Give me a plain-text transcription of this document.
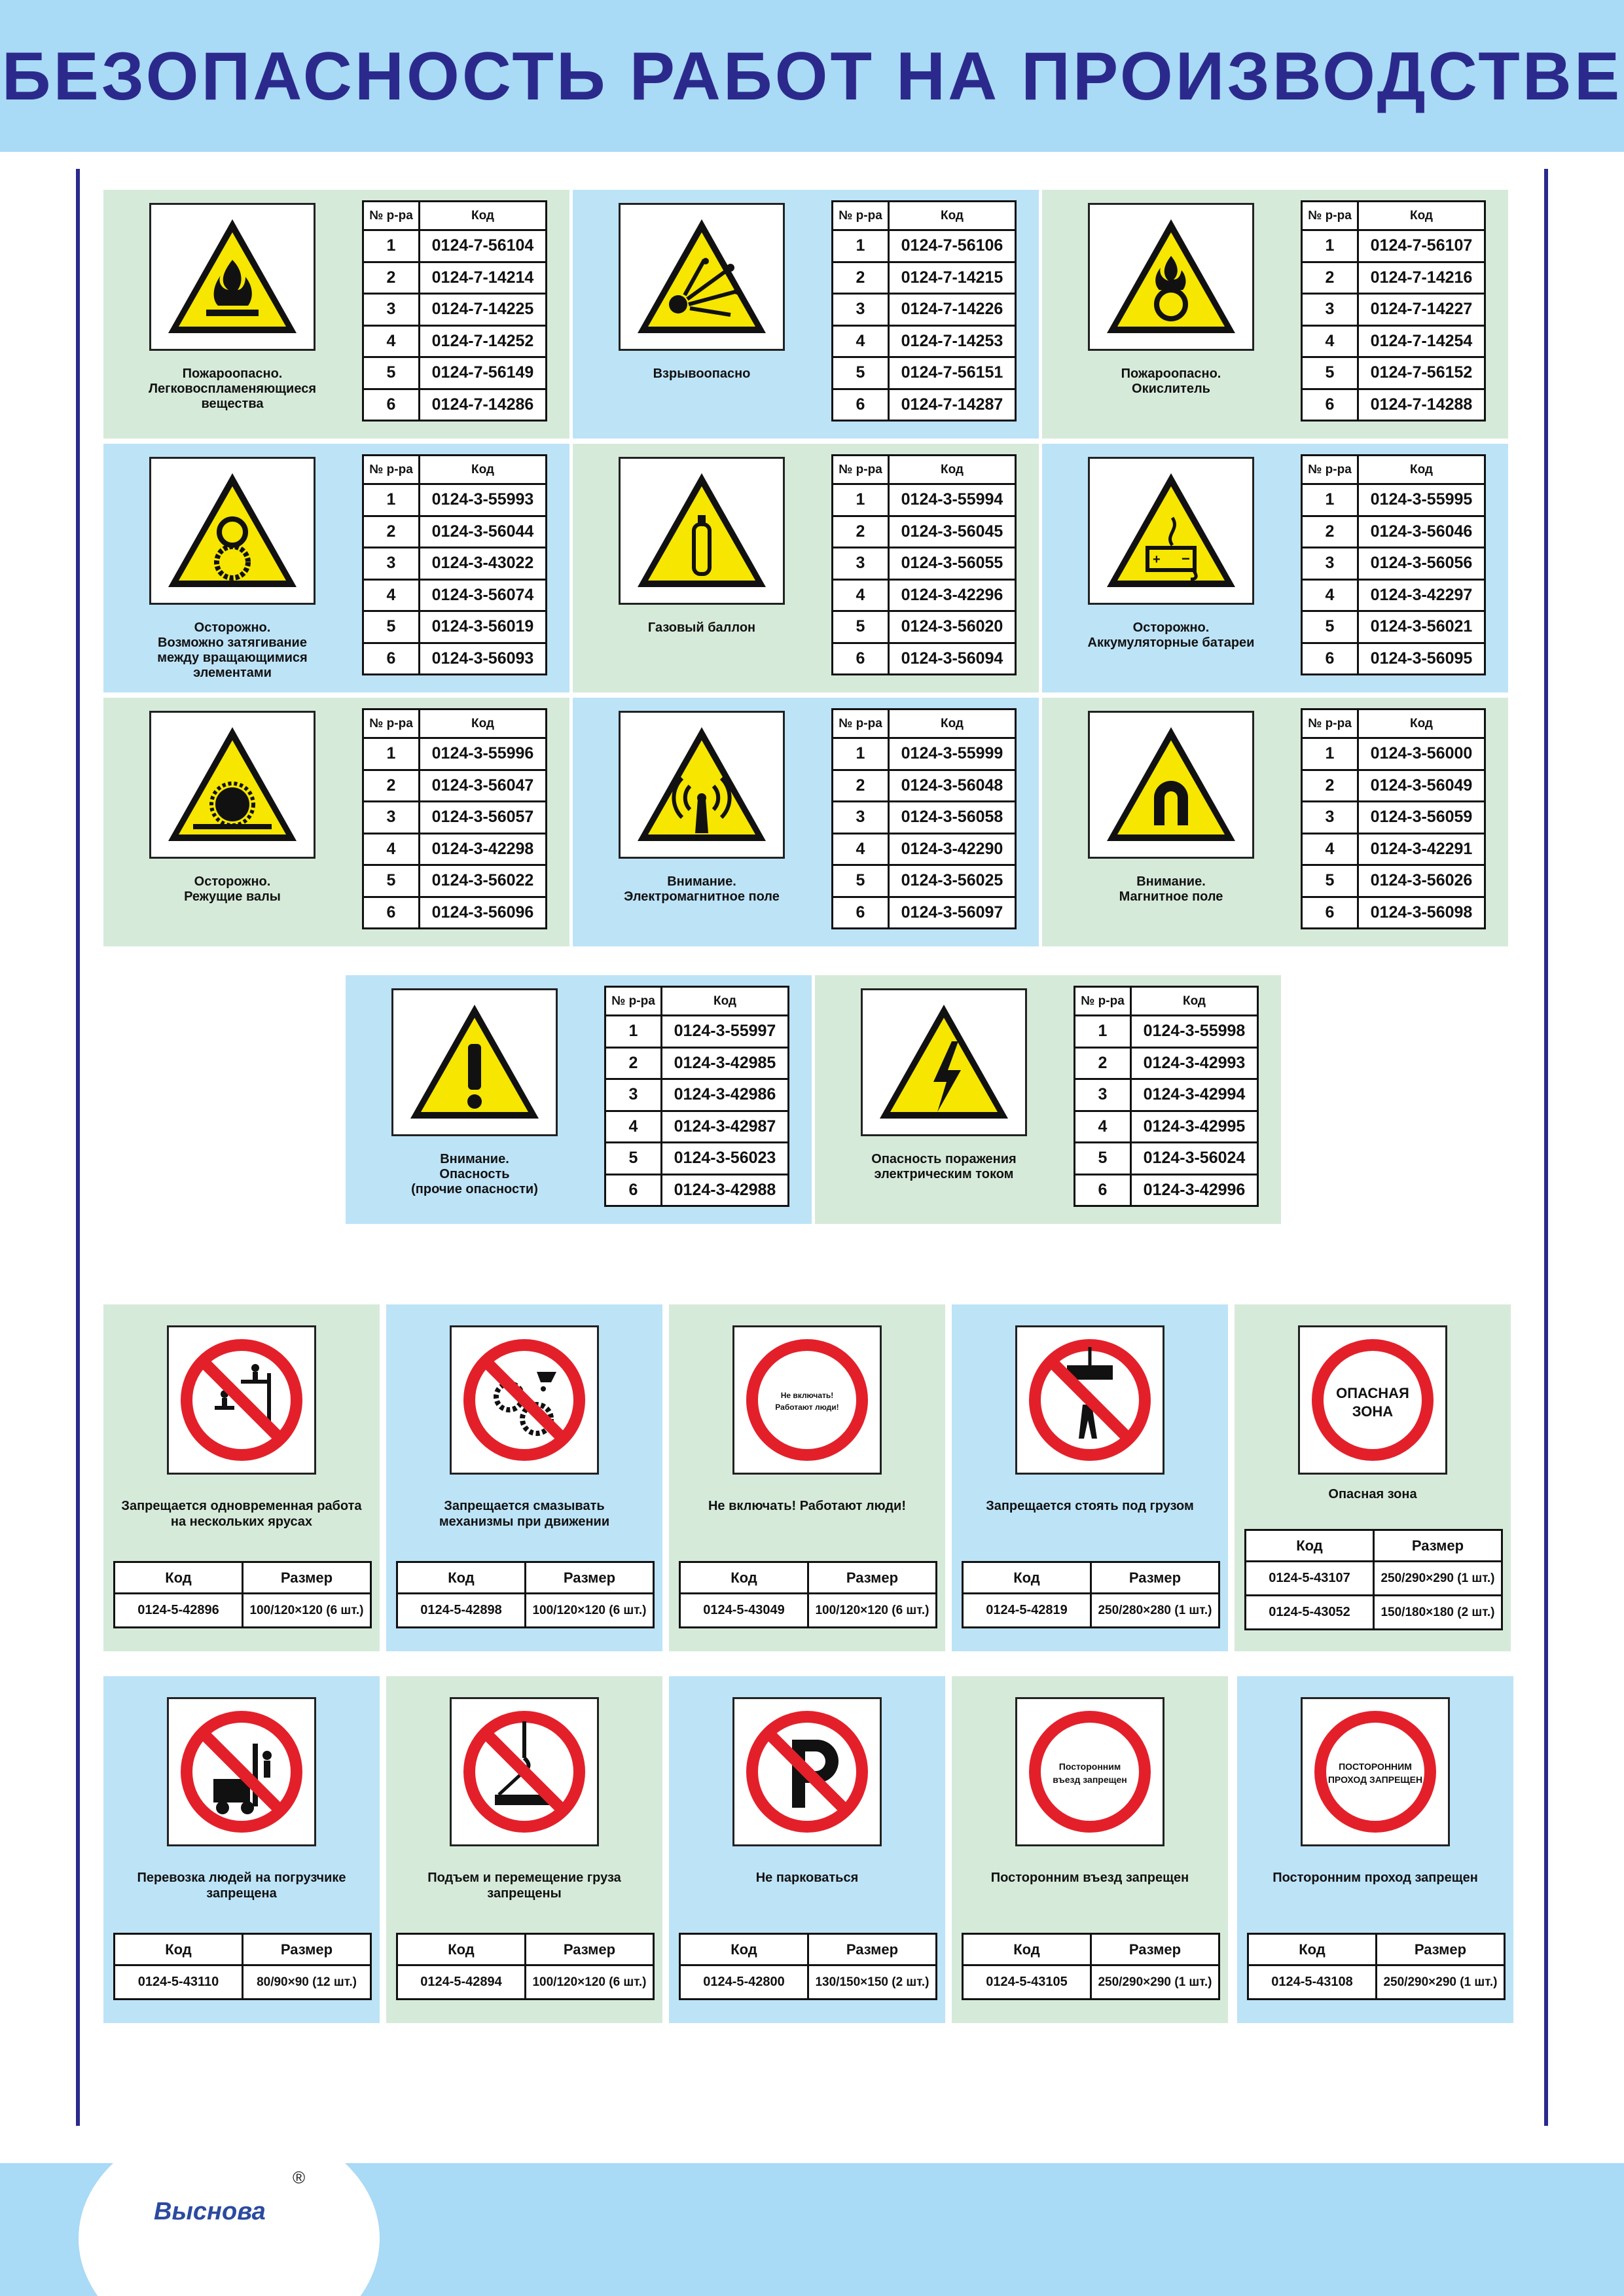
БЕЗОПАСНОСТЬ РАБОТ НА ПРОИЗВОДСТВЕ
Пожароопасно.
Легковоспламеняющиеся
вещества
№ р-ра	Код
1	0124-7-56104
2	0124-7-14214
3	0124-7-14225
4	0124-7-14252
5	0124-7-56149
6	0124-7-14286
Взрывоопасно
№ р-ра	Код
1	0124-7-56106
2	0124-7-14215
3	0124-7-14226
4	0124-7-14253
5	0124-7-56151
6	0124-7-14287
Пожароопасно.
Окислитель
№ р-ра	Код
1	0124-7-56107
2	0124-7-14216
3	0124-7-14227
4	0124-7-14254
5	0124-7-56152
6	0124-7-14288
Осторожно.
Возможно затягивание
между вращающимися
элементами
№ р-ра	Код
1	0124-3-55993
2	0124-3-56044
3	0124-3-43022
4	0124-3-56074
5	0124-3-56019
6	0124-3-56093
Газовый баллон
№ р-ра	Код
1	0124-3-55994
2	0124-3-56045
3	0124-3-56055
4	0124-3-42296
5	0124-3-56020
6	0124-3-56094
+ −
Осторожно.
Аккумуляторные батареи
№ р-ра	Код
1	0124-3-55995
2	0124-3-56046
3	0124-3-56056
4	0124-3-42297
5	0124-3-56021
6	0124-3-56095
Осторожно.
Режущие валы
№ р-ра	Код
1	0124-3-55996
2	0124-3-56047
3	0124-3-56057
4	0124-3-42298
5	0124-3-56022
6	0124-3-56096
Внимание.
Электромагнитное поле
№ р-ра	Код
1	0124-3-55999
2	0124-3-56048
3	0124-3-56058
4	0124-3-42290
5	0124-3-56025
6	0124-3-56097
Внимание.
Магнитное поле
№ р-ра	Код
1	0124-3-56000
2	0124-3-56049
3	0124-3-56059
4	0124-3-42291
5	0124-3-56026
6	0124-3-56098
Внимание.
Опасность
(прочие опасности)
№ р-ра	Код
1	0124-3-55997
2	0124-3-42985
3	0124-3-42986
4	0124-3-42987
5	0124-3-56023
6	0124-3-42988
Опасность поражения
электрическим током
№ р-ра	Код
1	0124-3-55998
2	0124-3-42993
3	0124-3-42994
4	0124-3-42995
5	0124-3-56024
6	0124-3-42996
Запрещается одновременная работа
на нескольких ярусах
Код	Размер
0124-5-42896	100/120×120 (6 шт.)
Запрещается смазывать
механизмы при движении
Код	Размер
0124-5-42898	100/120×120 (6 шт.)
Не включать!
Работают люди!
Не включать! Работают люди!
Код	Размер
0124-5-43049	100/120×120 (6 шт.)
Запрещается стоять под грузом
Код	Размер
0124-5-42819	250/280×280 (1 шт.)
ОПАСНАЯ
ЗОНА
Опасная зона
Код	Размер
0124-5-43107	250/290×290 (1 шт.)
0124-5-43052	150/180×180 (2 шт.)
Перевозка людей на погрузчике
запрещена
Код	Размер
0124-5-43110	80/90×90 (12 шт.)
Подъем и перемещение груза
запрещены
Код	Размер
0124-5-42894	100/120×120 (6 шт.)
Не парковаться
Код	Размер
0124-5-42800	130/150×150 (2 шт.)
Посторонним
въезд запрещен
Посторонним въезд запрещен
Код	Размер
0124-5-43105	250/290×290 (1 шт.)
ПОСТОРОННИМ
ПРОХОД ЗАПРЕЩЕН
Посторонним проход запрещен
Код	Размер
0124-5-43108	250/290×290 (1 шт.)
Выснова
®
